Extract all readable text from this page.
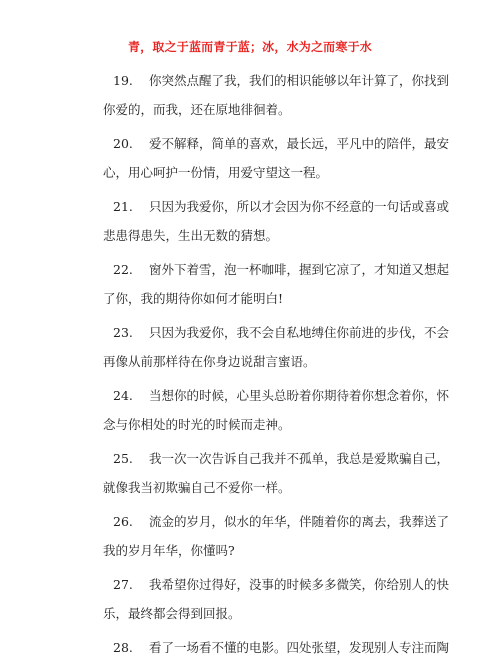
青，取之于蓝而青于蓝；冰，水为之而寒于水
19. 你突然点醒了我，我们的相识能够以年计算了，你找到
你爱的，而我，还在原地徘徊着。
20. 爱不解释，简单的喜欢，最长远，平凡中的陪伴，最安
心，用心呵护一份情，用爱守望这一程。
21. 只因为我爱你，所以才会因为你不经意的一句话或喜或
悲患得患失，生出无数的猜想。
22. 窗外下着雪，泡一杯咖啡，握到它凉了，才知道又想起
了你，我的期待你如何才能明白!
23. 只因为我爱你，我不会自私地缚住你前进的步伐，不会
再像从前那样待在你身边说甜言蜜语。
24. 当想你的时候，心里头总盼着你期待着你想念着你，怀
念与你相处的时光的时候而走神。
25. 我一次一次告诉自己我并不孤单，我总是爱欺骗自己，
就像我当初欺骗自己不爱你一样。
26. 流金的岁月，似水的年华，伴随着你的离去，我葬送了
我的岁月年华，你懂吗?
27. 我希望你过得好，没事的时候多多微笑，你给别人的快
乐，最终都会得到回报。
28. 看了一场看不懂的电影。四处张望，发现别人专注而陶
